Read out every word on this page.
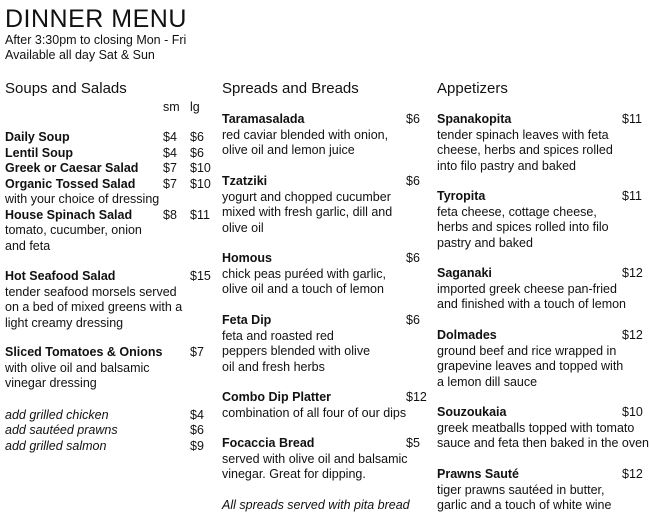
DINNER MENU
After 3:30pm to closing Mon - Fri
Available all day Sat & Sun
Soups and Salads
sm lg
Daily Soup	$4 $6
Lentil Soup	$4 $6
Greek or Caesar Salad $7 $10
Organic Tossed Salad $7 $10
with your choice of dressing
House Spinach Salad $8 $11
tomato, cucumber, onion and feta
Hot Seafood Salad	$15
tender seafood morsels served on a bed of mixed greens with a light creamy dressing
Sliced Tomatoes & Onions $7
with olive oil and balsamic vinegar dressing
add grilled chicken	$4
add sautéed prawns	$6
add grilled salmon	$9
Spreads and Breads
Taramasalada	$6
red caviar blended with onion, olive oil and lemon juice
Tzatziki	$6
yogurt and chopped cucumber mixed with fresh garlic, dill and olive oil
Homous	$6
chick peas puréed with garlic, olive oil and a touch of lemon
Feta Dip	$6
feta and roasted red peppers blended with olive oil and fresh herbs
Combo Dip Platter	$12
combination of all four of our dips
Focaccia Bread	$5
served with olive oil and balsamic vinegar. Great for dipping.
All spreads served with pita bread
Appetizers
Spanakopita	$11
tender spinach leaves with feta cheese, herbs and spices rolled into filo pastry and baked
Tyropita	$11
feta cheese, cottage cheese, herbs and spices rolled into filo pastry and baked
Saganaki	$12
imported greek cheese pan-fried and finished with a touch of lemon
Dolmades	$12
ground beef and rice wrapped in grapevine leaves and topped with a lemon dill sauce
Souzoukaia	$10
greek meatballs topped with tomato sauce and feta then baked in the oven
Prawns Sauté	$12
tiger prawns sautéed in butter, garlic and a touch of white wine
